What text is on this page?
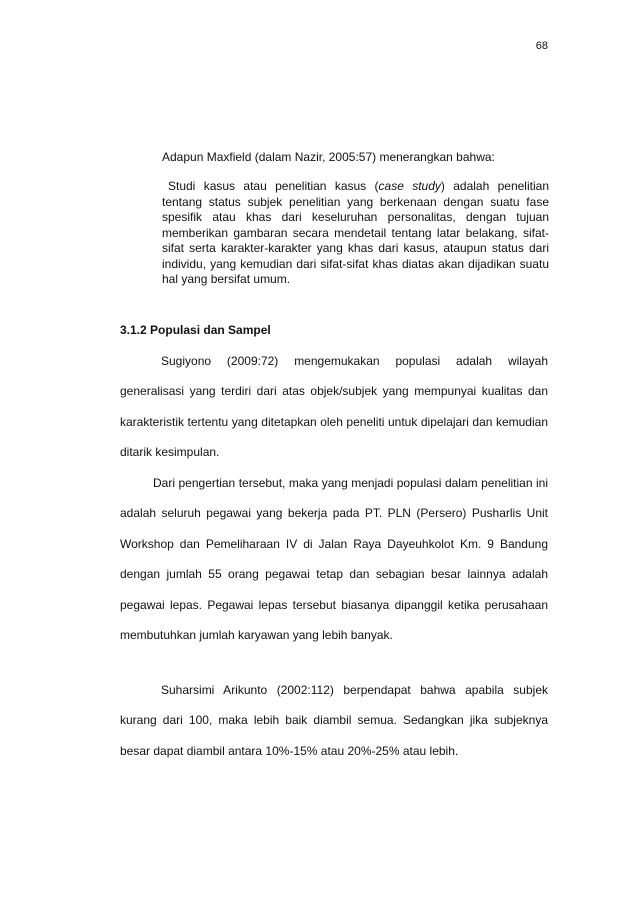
68

Adapun Maxfield (dalam Nazir, 2005:57) menerangkan bahwa:

Studi kasus atau penelitian kasus (case study) adalah penelitian tentang status subjek penelitian yang berkenaan dengan suatu fase spesifik atau khas dari keseluruhan personalitas, dengan tujuan memberikan gambaran secara mendetail tentang latar belakang, sifat-sifat serta karakter-karakter yang khas dari kasus, ataupun status dari individu, yang kemudian dari sifat-sifat khas diatas akan dijadikan suatu hal yang bersifat umum.

3.1.2 Populasi dan Sampel

Sugiyono (2009:72) mengemukakan populasi adalah wilayah generalisasi yang terdiri dari atas objek/subjek yang mempunyai kualitas dan karakteristik tertentu yang ditetapkan oleh peneliti untuk dipelajari dan kemudian ditarik kesimpulan.

Dari pengertian tersebut, maka yang menjadi populasi dalam penelitian ini adalah seluruh pegawai yang bekerja pada PT. PLN (Persero) Pusharlis Unit Workshop dan Pemeliharaan IV di Jalan Raya Dayeuhkolot Km. 9 Bandung dengan jumlah 55 orang pegawai tetap dan sebagian besar lainnya adalah pegawai lepas. Pegawai lepas tersebut biasanya dipanggil ketika perusahaan membutuhkan jumlah karyawan yang lebih banyak.

Suharsimi Arikunto (2002:112) berpendapat bahwa apabila subjek kurang dari 100, maka lebih baik diambil semua. Sedangkan jika subjeknya besar dapat diambil antara 10%-15% atau 20%-25% atau lebih.
